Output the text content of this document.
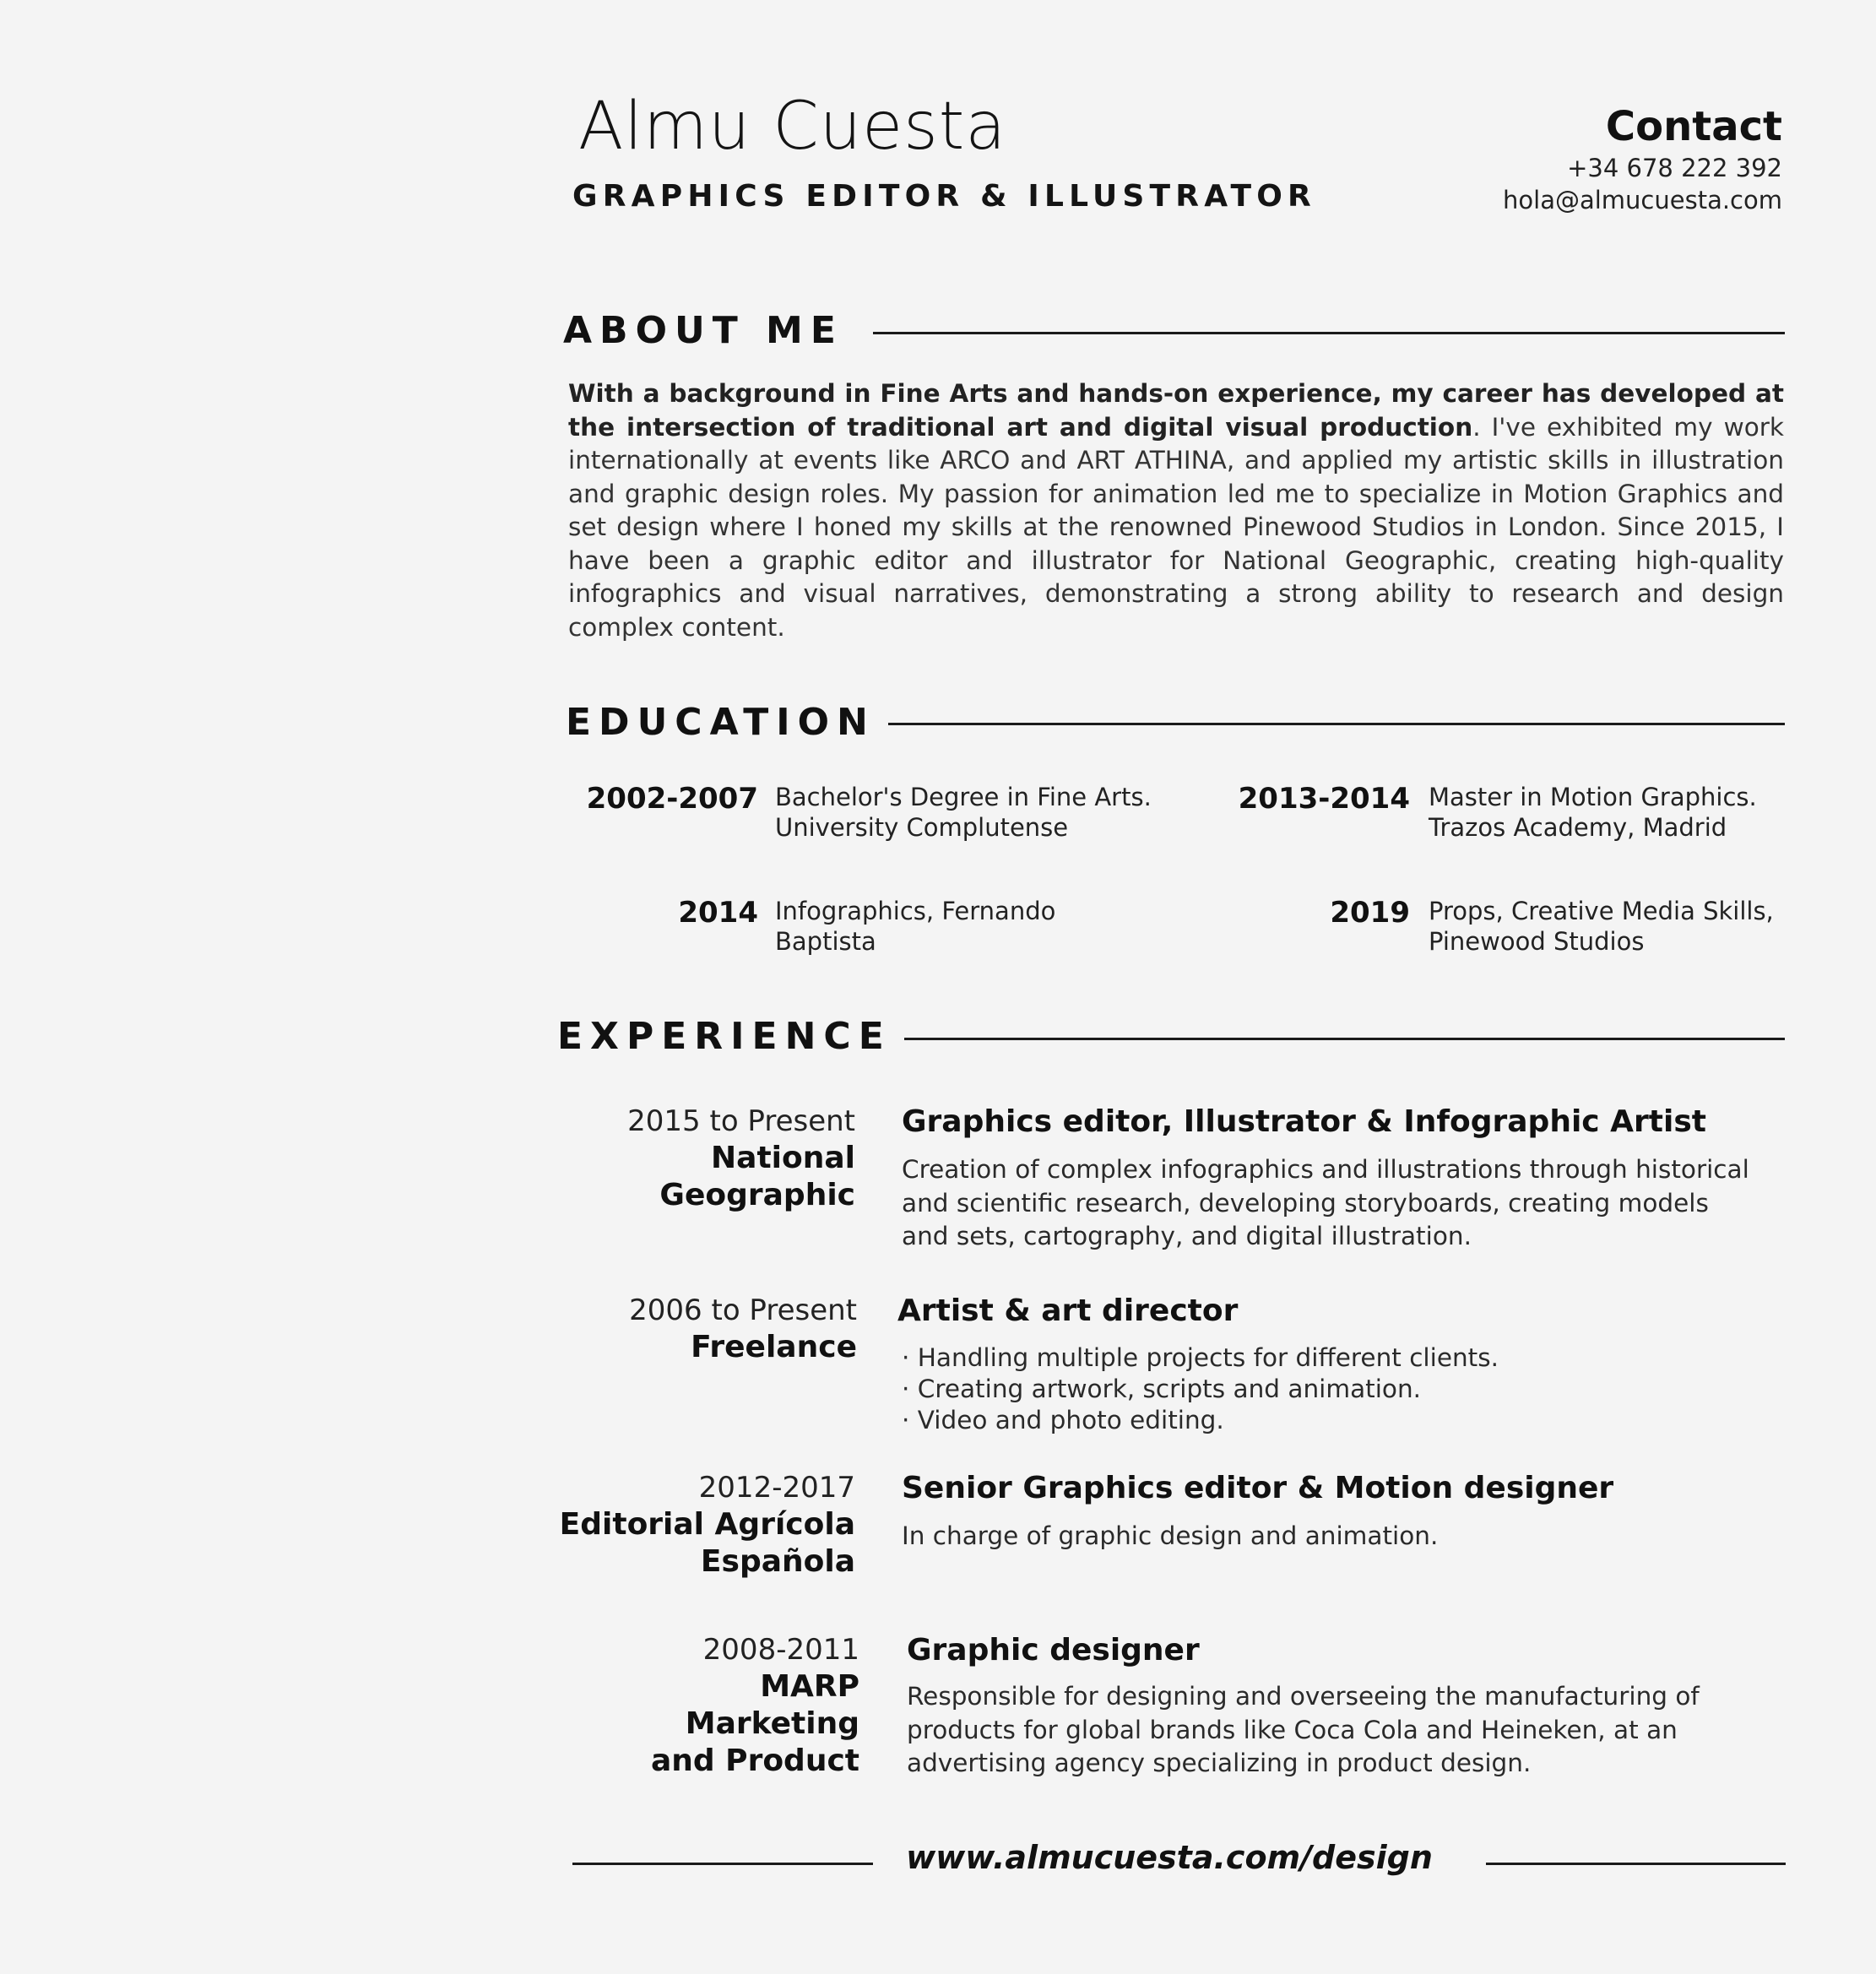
Almu Cuesta
GRAPHICS EDITOR & ILLUSTRATOR
Contact
+34 678 222 392
hola@almucuesta.com
ABOUT ME
With a background in Fine Arts and hands-on experience, my career has developed at the intersection of traditional art and digital visual production. I've exhibited my work internationally at events like ARCO and ART ATHINA, and applied my artistic skills in illustration and graphic design roles. My passion for animation led me to specialize in Motion Graphics and set design where I honed my skills at the renowned Pinewood Studios in London. Since 2015, I have been a graphic editor and illustrator for National Geographic, creating high-quality infographics and visual narratives, demonstrating a strong ability to research and design complex content.
EDUCATION
2002-2007 Bachelor's Degree in Fine Arts.
University Complutense
2013-2014 Master in Motion Graphics.
Trazos Academy, Madrid
2014 Infographics, Fernando
Baptista
2019 Props, Creative Media Skills,
Pinewood Studios
EXPERIENCE
2015 to Present
National
Geographic
Graphics editor, Illustrator & Infographic Artist
Creation of complex infographics and illustrations through historical and scientific research, developing storyboards, creating models and sets, cartography, and digital illustration.
2006 to Present
Freelance
Artist & art director
· Handling multiple projects for different clients.
· Creating artwork, scripts and animation.
· Video and photo editing.
2012-2017
Editorial Agrícola
Española
Senior Graphics editor & Motion designer
In charge of graphic design and animation.
2008-2011
MARP
Marketing
and Product
Graphic designer
Responsible for designing and overseeing the manufacturing of products for global brands like Coca Cola and Heineken, at an advertising agency specializing in product design.
www.almucuesta.com/design
